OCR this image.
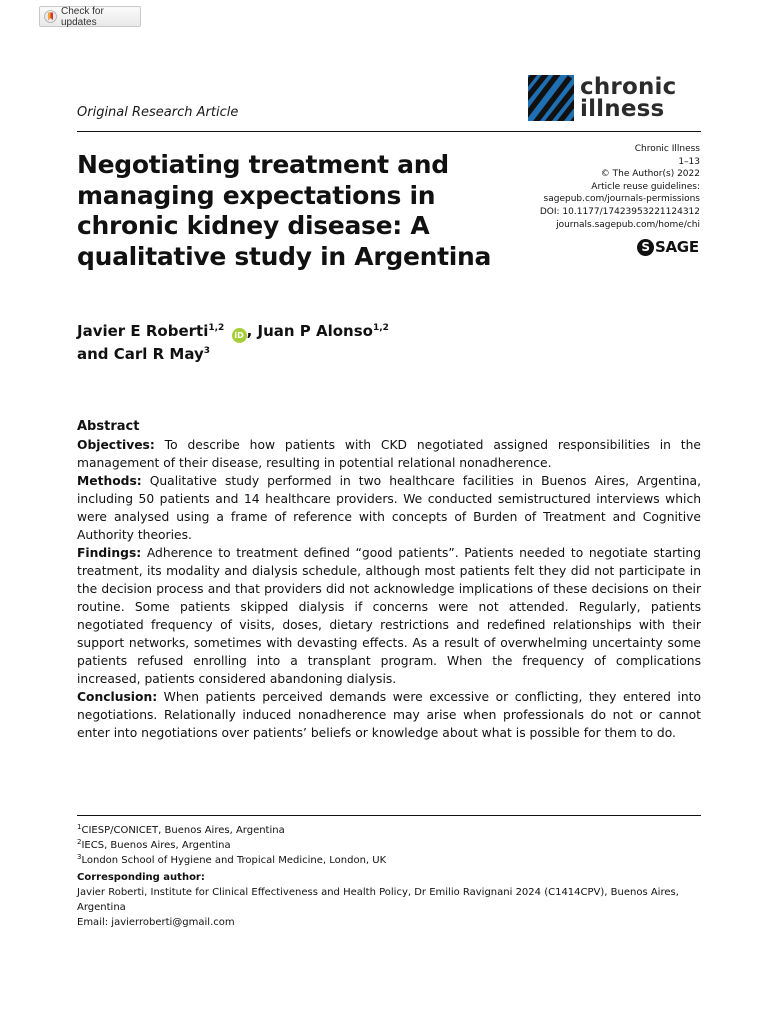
Check for updates
Original Research Article
chronic
illness
Negotiating treatment and managing expectations in chronic kidney disease: A qualitative study in Argentina
Chronic Illness
1–13
© The Author(s) 2022
Article reuse guidelines:
sagepub.com/journals-permissions
DOI: 10.1177/17423953221124312
journals.sagepub.com/home/chi
S SAGE
Javier E Roberti$^{1,2}$ iD , Juan P Alonso$^{1,2}$
and Carl R May$^3$
Abstract

Objectives: To describe how patients with CKD negotiated assigned responsibilities in the management of their disease, resulting in potential relational nonadherence.

Methods: Qualitative study performed in two healthcare facilities in Buenos Aires, Argentina, including 50 patients and 14 healthcare providers. We conducted semistructured interviews which were analysed using a frame of reference with concepts of Burden of Treatment and Cognitive Authority theories.

Findings: Adherence to treatment defined “good patients”. Patients needed to negotiate starting treatment, its modality and dialysis schedule, although most patients felt they did not participate in the decision process and that providers did not acknowledge implications of these decisions on their routine. Some patients skipped dialysis if concerns were not attended. Regularly, patients negotiated frequency of visits, doses, dietary restrictions and redefined relationships with their support networks, sometimes with devasting effects. As a result of overwhelming uncertainty some patients refused enrolling into a transplant program. When the frequency of complications increased, patients considered abandoning dialysis.

Conclusion: When patients perceived demands were excessive or conflicting, they entered into negotiations. Relationally induced nonadherence may arise when professionals do not or cannot enter into negotiations over patients’ beliefs or knowledge about what is possible for them to do.

$^1$CIESP/CONICET, Buenos Aires, Argentina
$^2$IECS, Buenos Aires, Argentina
$^3$London School of Hygiene and Tropical Medicine, London, UK
Corresponding author:
Javier Roberti, Institute for Clinical Effectiveness and Health Policy, Dr Emilio Ravignani 2024 (C1414CPV), Buenos Aires, Argentina
Email: javierroberti@gmail.com
